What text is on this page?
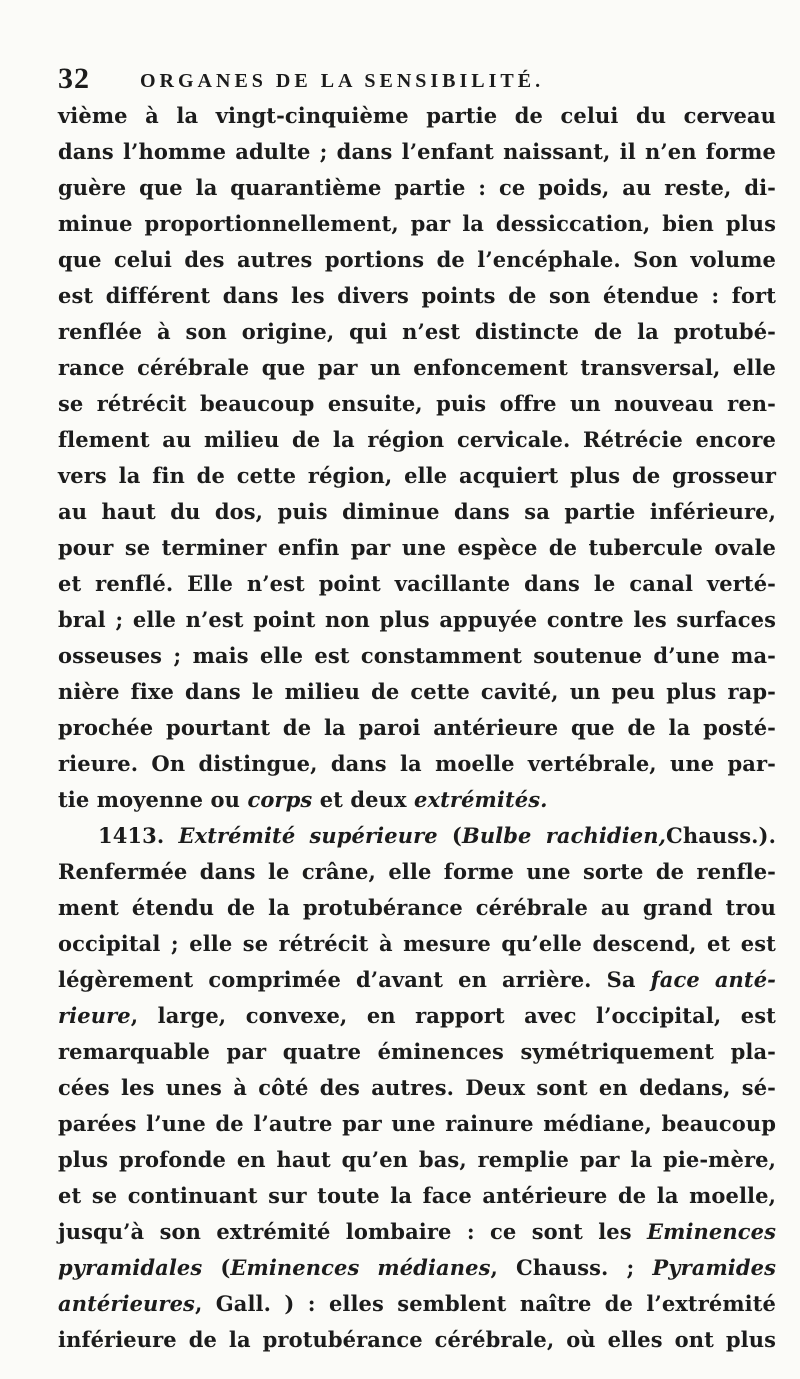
32	ORGANES DE LA SENSIBILITÉ.
vième à la vingt-cinquième partie de celui du cerveau
dans l’homme adulte ; dans l’enfant naissant, il n’en forme
guère que la quarantième partie : ce poids, au reste, di-
minue proportionnellement, par la dessiccation, bien plus
que celui des autres portions de l’encéphale. Son volume
est différent dans les divers points de son étendue : fort
renflée à son origine, qui n’est distincte de la protubé-
rance cérébrale que par un enfoncement transversal, elle
se rétrécit beaucoup ensuite, puis offre un nouveau ren-
flement au milieu de la région cervicale. Rétrécie encore
vers la fin de cette région, elle acquiert plus de grosseur
au haut du dos, puis diminue dans sa partie inférieure,
pour se terminer enfin par une espèce de tubercule ovale
et renflé. Elle n’est point vacillante dans le canal verté-
bral ; elle n’est point non plus appuyée contre les surfaces
osseuses ; mais elle est constamment soutenue d’une ma-
nière fixe dans le milieu de cette cavité, un peu plus rap-
prochée pourtant de la paroi antérieure que de la posté-
rieure. On distingue, dans la moelle vertébrale, une par-
tie moyenne ou corps et deux extrémités.
1413. Extrémité supérieure (Bulbe rachidien,Chauss.).
Renfermée dans le crâne, elle forme une sorte de renfle-
ment étendu de la protubérance cérébrale au grand trou
occipital ; elle se rétrécit à mesure qu’elle descend, et est
légèrement comprimée d’avant en arrière. Sa face anté-
rieure, large, convexe, en rapport avec l’occipital, est
remarquable par quatre éminences symétriquement pla-
cées les unes à côté des autres. Deux sont en dedans, sé-
parées l’une de l’autre par une rainure médiane, beaucoup
plus profonde en haut qu’en bas, remplie par la pie-mère,
et se continuant sur toute la face antérieure de la moelle,
jusqu’à son extrémité lombaire : ce sont les Eminences
pyramidales (Eminences médianes, Chauss. ; Pyramides
antérieures, Gall. ) : elles semblent naître de l’extrémité
inférieure de la protubérance cérébrale, où elles ont plus
